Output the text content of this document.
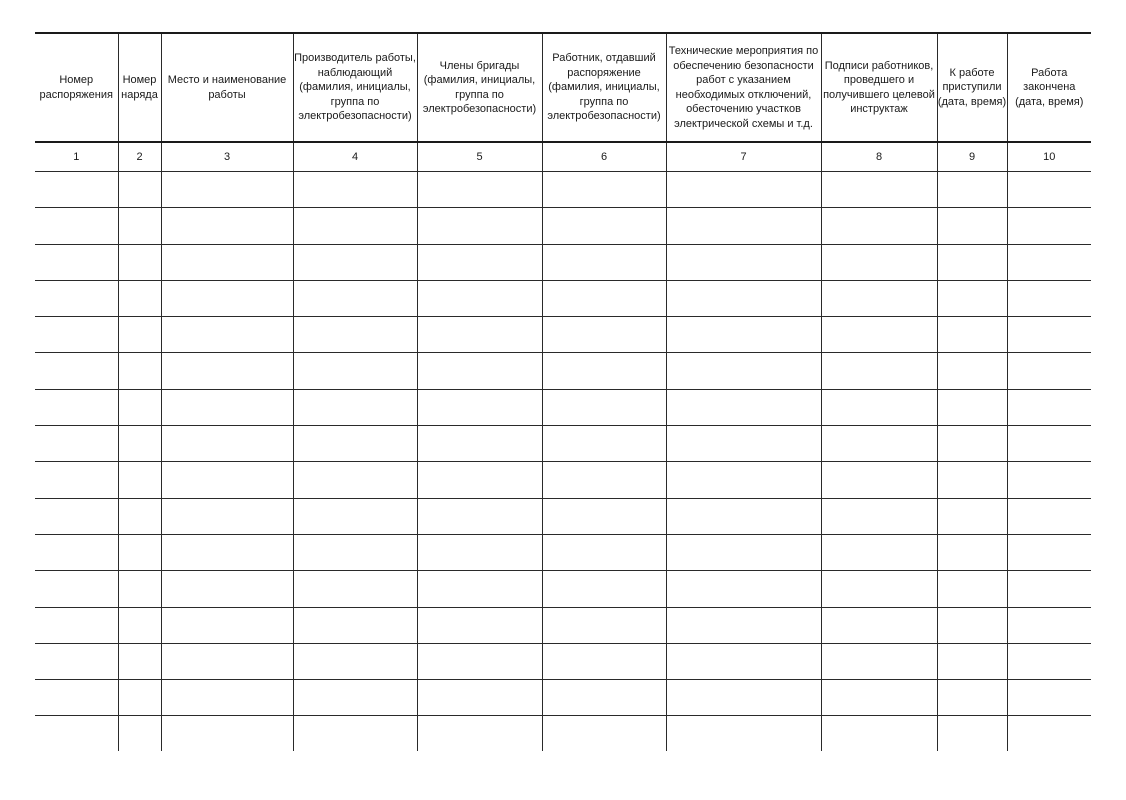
Номер распоряжения	Номер наряда	Место и наименование работы	Производитель работы, наблюдающий (фамилия, инициалы, группа по электробезопасности)	Члены бригады (фамилия, инициалы, группа по электробезопасности)	Работник, отдавший распоряжение (фамилия, инициалы, группа по электробезопасности)	Технические мероприятия по обеспечению безопасности работ с указанием необходимых отключений, обесточению участков электрической схемы и т.д.	Подписи работников, проведшего и получившего целевой инструктаж	К работе приступили (дата, время)	Работа закончена (дата, время)

1	2	3	4	5	6	7	8	9	10
